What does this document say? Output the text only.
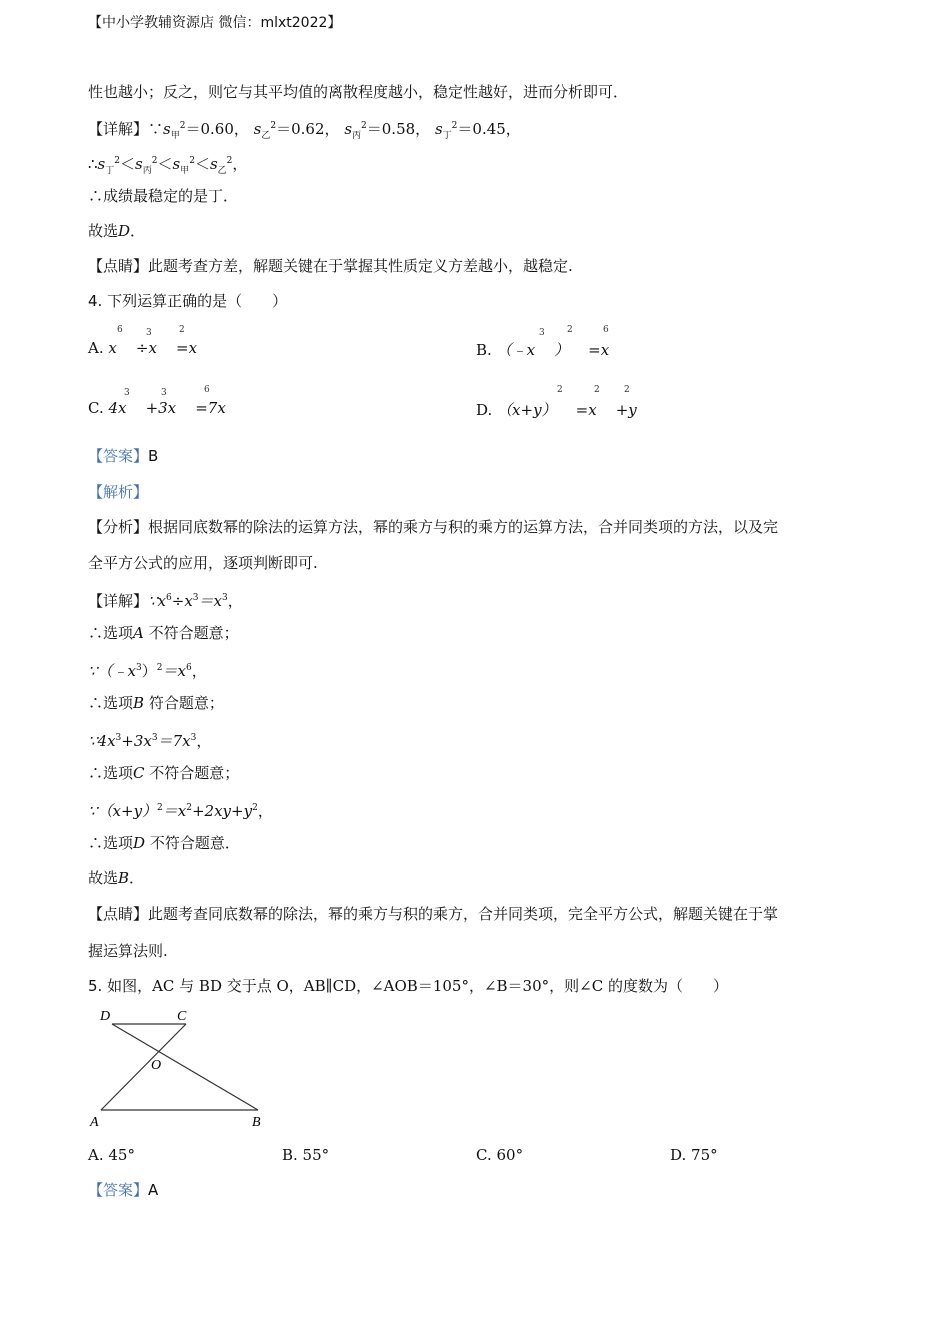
【中小学教辅资源店 微信：mlxt2022】
性也越小；反之，则它与其平均值的离散程度越小，稳定性越好，进而分析即可．
【详解】$\because s_甲^2=0.60$， $s_乙^2=0.62$， $s_丙^2=0.58$， $s_丁^2=0.45$，
$\therefore s_丁^2<s_丙^2<s_甲^2<s_乙^2$，
∴成绩最稳定的是丁．
故选D．
【点睛】此题考查方差，解题关键在于掌握其性质定义方差越小，越稳定.
4. 下列运算正确的是（　　）
A. x    ÷x    =x
6	3	2
B. （﹣x    ）    =x
3 2	6
C. 4x    +3x    =7x
3	3	6
D. （x+y）    =x    +y
2	2	2
【答案】B
【解析】
【分析】根据同底数幂的除法的运算方法，幂的乘方与积的乘方的运算方法，合并同类项的方法，以及完
全平方公式的应用，逐项判断即可.
【详解】$\because x^6\div x^3=x^3$，
∴选项A 不符合题意；
$\because(﹣x^3)^2=x^6$，
∴选项B 符合题意；
$\because 4x^3+3x^3=7x^3$，
∴选项C 不符合题意；
$\because(x+y)^2=x^2+2xy+y^2$，
∴选项D 不符合题意．
故选B．
【点睛】此题考查同底数幂的除法，幂的乘方与积的乘方，合并同类项，完全平方公式，解题关键在于掌
握运算法则.
5. 如图，AC 与 BD 交于点 O，AB∥CD，∠AOB＝105°，∠B＝30°，则∠C 的度数为（　　）
D	C
O
A	B
A. 45°	B. 55°	C. 60°	D. 75°
【答案】A
